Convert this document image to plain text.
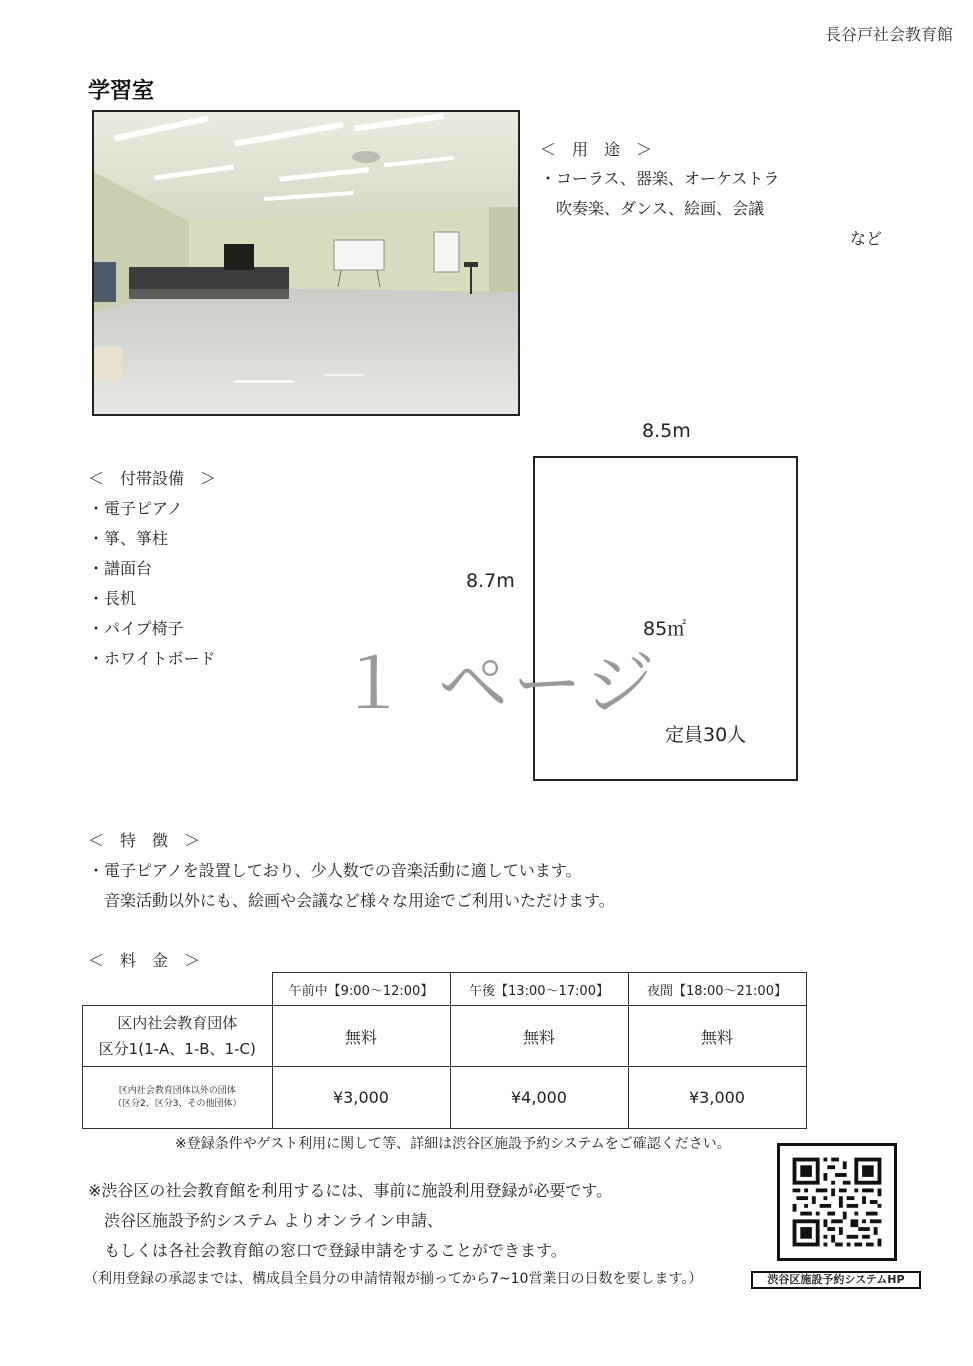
長谷戸社会教育館
学習室
＜　用　途　＞
・コーラス、器楽、オーケストラ
　吹奏楽、ダンス、絵画、会議
など
＜　付帯設備　＞
・電子ピアノ
・箏、箏柱
・譜面台
・長机
・パイプ椅子
・ホワイトボード
8.5m
8.7m
85㎡
定員30人
１ ページ
＜　特　徴　＞
・電子ピアノを設置しており、少人数での音楽活動に適しています。
　音楽活動以外にも、絵画や会議など様々な用途でご利用いただけます。
＜　料　金　＞
	午前中【9:00～12:00】	午後【13:00～17:00】	夜間【18:00～21:00】

区内社会教育団体
区分1(1-A、1-B、1-C)	無料	無料	無料

区内社会教育団体以外の団体
（区分2、区分3、その他団体）	¥3,000	¥4,000	¥3,000
※登録条件やゲスト利用に関して等、詳細は渋谷区施設予約システムをご確認ください。
※渋谷区の社会教育館を利用するには、事前に施設利用登録が必要です。
　渋谷区施設予約システム よりオンライン申請、
　もしくは各社会教育館の窓口で登録申請をすることができます。
（利用登録の承認までは、構成員全員分の申請情報が揃ってから7~10営業日の日数を要します。）	渋谷区施設予約システムHP
